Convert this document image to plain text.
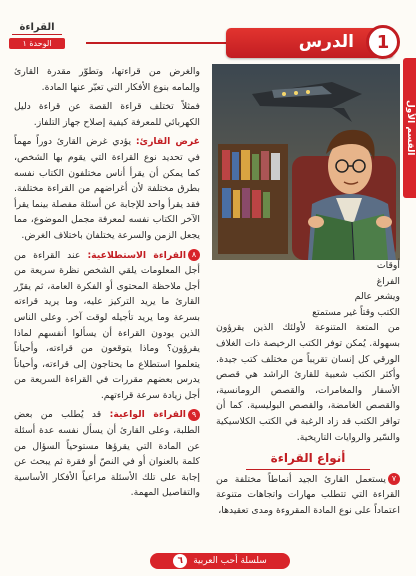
القسم الأول
الدرس	1
القراءة
الوحدة ١

والغرض من قراءتها، وتطوّر مقدرة القارئ وإلمامه بنوع الأفكار التي تعبّر عنها المادة.

فمثلاً تختلف قراءة القصة عن قراءة دليل الكهربائي للمعرفة كيفية إصلاح جهاز التلفاز.

غرض القارئ: يؤدي غرض القارئ دوراً مهماً في تحديد نوع القراءة التي يقوم بها الشخص، كما يمكن أن يقرأ أناس مختلفون الكتاب نفسه بطرق مختلفة لأن أغراضهم من القراءة مختلفة. فقد يقرأ واحد للإجابة عن أسئلة مفصلة بينما يقرأ الآخر الكتاب نفسه لمعرفة مجمل الموضوع، مما يجعل الزمن والسرعة يختلفان باختلاف الغرض.

٨القراءة الاستطلاعية: عند القراءة من أجل المعلومات يلقي الشخص نظرة سريعة من أجل ملاحظة المحتوى أو الفكرة العامة، ثم يقرّر القارئ ما يريد التركيز عليه، وما يريد قراءته بسرعة وما يريد تأجيله لوقت آخر. وعلى الناس الذين يودون القراءة أن يسألوا أنفسهم لماذا يقرؤون؟ وماذا يتوقعون من قراءته، وأحياناً يتعلموا استطلاع ما يحتاجون إلى قراءته، وأحياناً يدرس بعضهم مقررات في القراءة السريعة من أجل زيادة سرعة قراءتهم.

٩القراءة الواعية: قد يُطلب من بعض الطلبة، وعلى القارئ أن يسأل نفسه عدة أسئلة عن المادة التي يقرؤها مستوحياً السؤال من كلمة بالعنوان أو في النصّ أو فقرة ثم يبحث عن إجابة على تلك الأسئلة مراعياً الأفكار الأساسية والتفاصيل المهمة.

أوقات
الفراغ
ويشعر عالم
الكتب وقتاً غير مستمتع

من المتعة المتنوعة لأولئك الذين يقرؤون بسهولة. يُمكن توفر الكتب الرخيصة ذات الغلاف الورقي كل إنسان تقريباً من مختلف كتب جيدة. وأكثر الكتب شعبية للقارئ الراشد هي قصص الأسفار والمغامرات، والقصص الرومانسية، والقصص الغامضة، والقصص البوليسية. كما أن توافر الكتب قد زاد الرغبة في الكتب الكلاسيكية والسّير والروايات التاريخية.

أنواع القراءة

٧يستعمل القارئ الجيد أنماطاً مختلفة من القراءة التي تتطلب مهارات واتجاهات متنوعة اعتماداً على نوع المادة المقروءة ومدى تعقيدها،

سلسلة أحب العربية
٦
